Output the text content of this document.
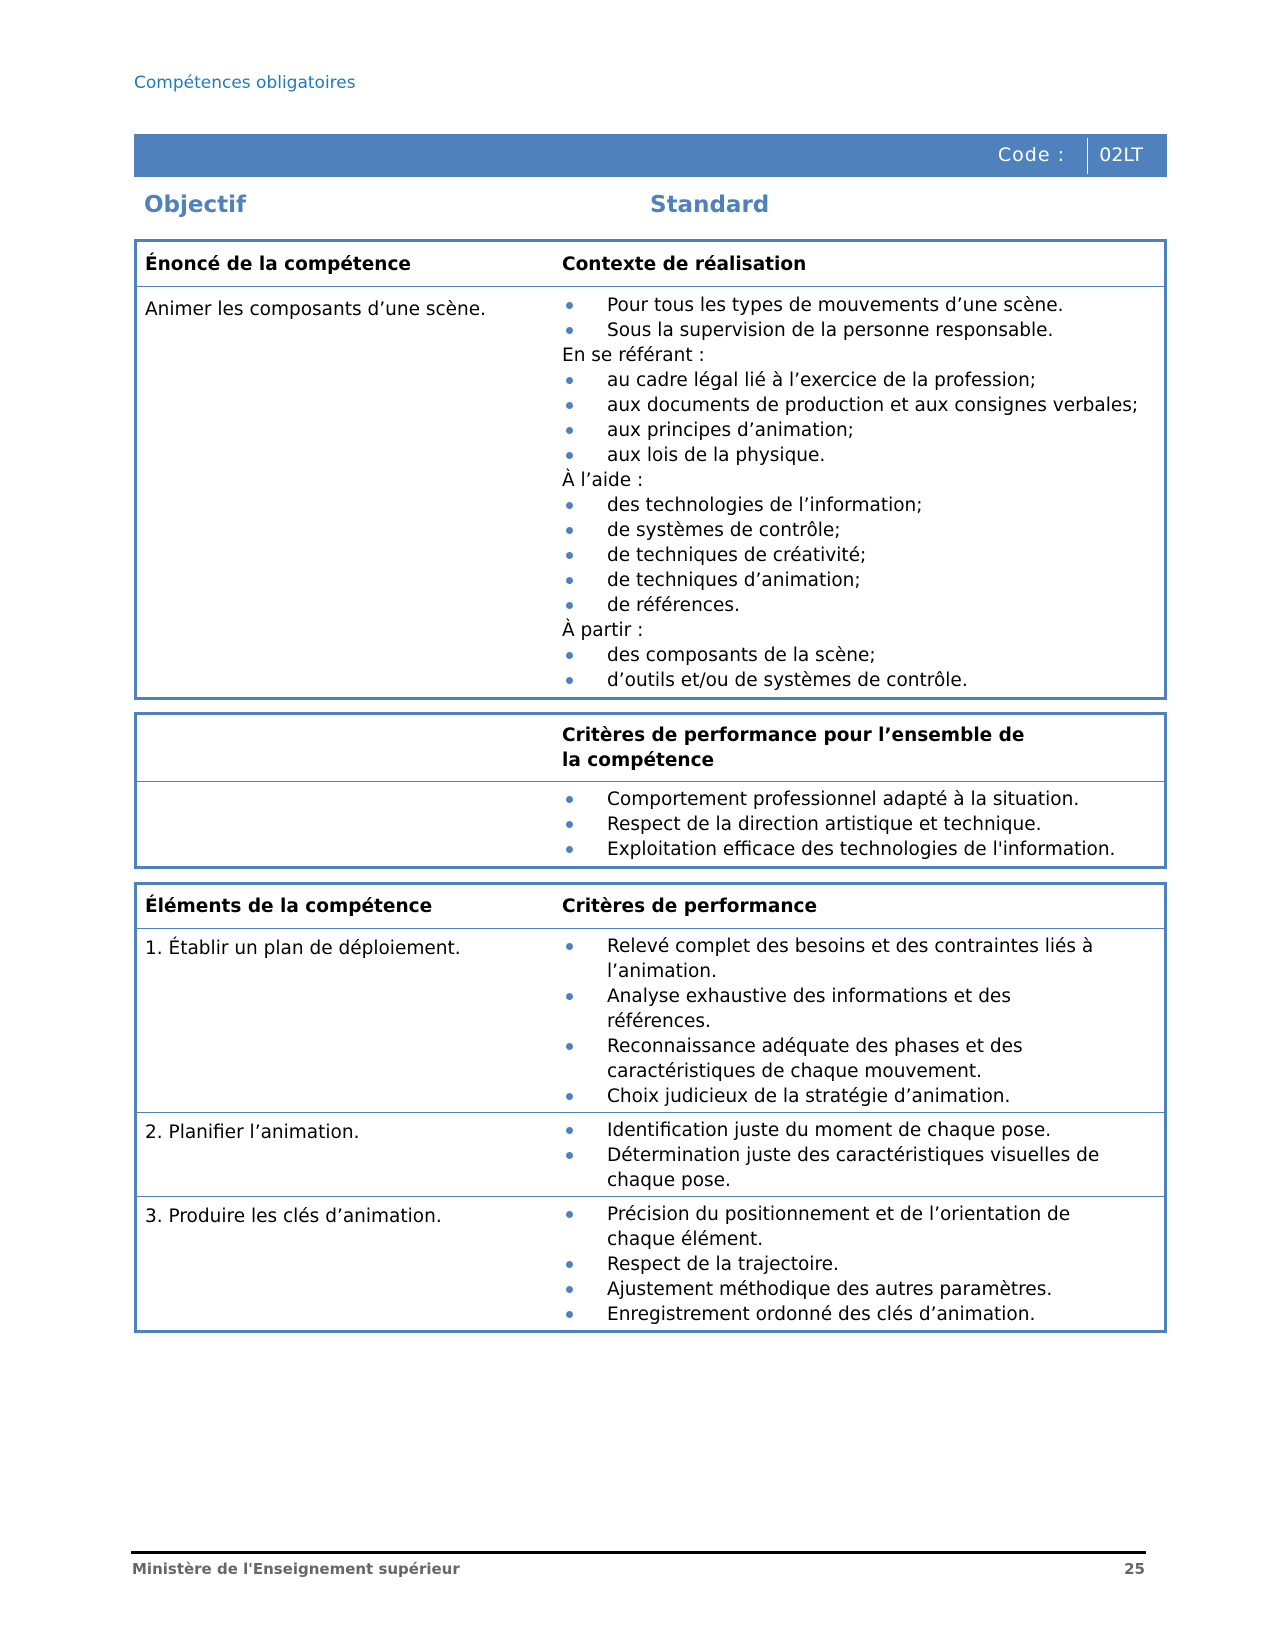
Compétences obligatoires
Code : 02LT
Objectif	Standard
Énoncé de la compétence	Contexte de réalisation
Animer les composants d’une scène.	Pour tous les types de mouvements d’une scène.
Sous la supervision de la personne responsable.
En se référant :
au cadre légal lié à l’exercice de la profession;
aux documents de production et aux consignes verbales;
aux principes d’animation;
aux lois de la physique.
À l’aide :
des technologies de l’information;
de systèmes de contrôle;
de techniques de créativité;
de techniques d’animation;
de références.
À partir :
des composants de la scène;
d’outils et/ou de systèmes de contrôle.
Critères de performance pour l’ensemble de la compétence
Comportement professionnel adapté à la situation.
Respect de la direction artistique et technique.
Exploitation efficace des technologies de l'information.
Éléments de la compétence	Critères de performance
1. Établir un plan de déploiement.	Relevé complet des besoins et des contraintes liés à l’animation.
Analyse exhaustive des informations et des références.
Reconnaissance adéquate des phases et des caractéristiques de chaque mouvement.
Choix judicieux de la stratégie d’animation.
2. Planifier l’animation.	Identification juste du moment de chaque pose.
Détermination juste des caractéristiques visuelles de chaque pose.
3. Produire les clés d’animation.	Précision du positionnement et de l’orientation de chaque élément.
Respect de la trajectoire.
Ajustement méthodique des autres paramètres.
Enregistrement ordonné des clés d’animation.
Ministère de l'Enseignement supérieur	25
